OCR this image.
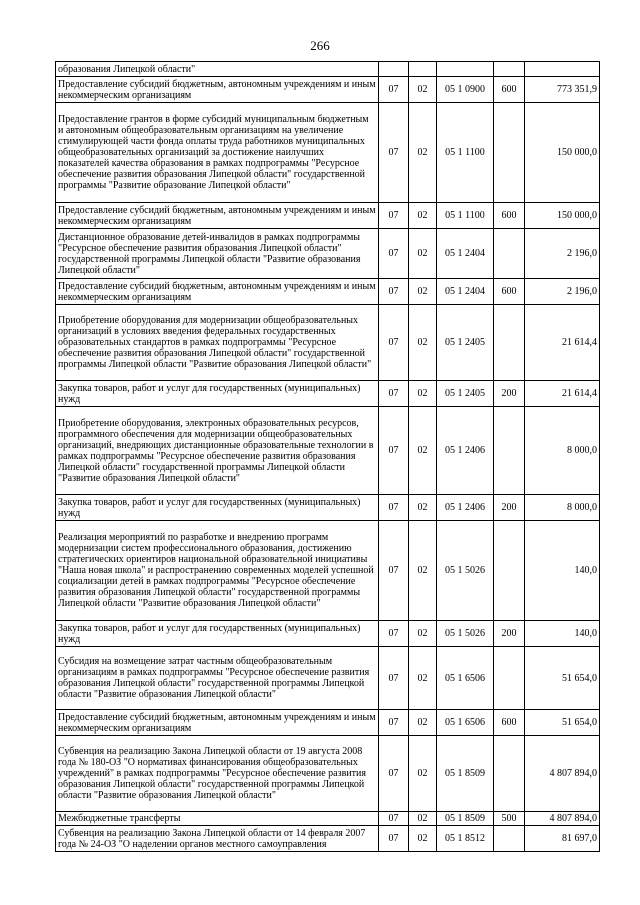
266
образования Липецкой области"					
Предоставление субсидий бюджетным, автономным учреждениям и иным некоммерческим организациям	07	02	05 1 0900	600	773 351,9
Предоставление грантов в форме субсидий муниципальным бюджетным и автономным общеобразовательным организациям на увеличение стимулирующей части фонда оплаты труда работников муниципальных общеобразовательных организаций за достижение наилучших показателей качества образования в рамках подпрограммы "Ресурсное обеспечение развития образования Липецкой области" государственной программы "Развитие образование Липецкой области"	07	02	05 1 1100		150 000,0
Предоставление субсидий бюджетным, автономным учреждениям и иным некоммерческим организациям	07	02	05 1 1100	600	150 000,0
Дистанционное образование детей-инвалидов в рамках подпрограммы "Ресурсное обеспечение развития образования Липецкой области" государственной программы Липецкой области "Развитие образования Липецкой области"	07	02	05 1 2404		2 196,0
Предоставление субсидий бюджетным, автономным учреждениям и иным некоммерческим организациям	07	02	05 1 2404	600	2 196,0
Приобретение оборудования для модернизации общеобразовательных организаций в условиях введения федеральных государственных образовательных стандартов в рамках подпрограммы "Ресурсное обеспечение развития образования Липецкой области" государственной программы Липецкой области "Развитие образования Липецкой области"	07	02	05 1 2405		21 614,4
Закупка товаров, работ и услуг для государственных (муниципальных) нужд	07	02	05 1 2405	200	21 614,4
Приобретение оборудования, электронных образовательных ресурсов, программного обеспечения для модернизации общеобразовательных организаций, внедряющих дистанционные образовательные технологии в рамках подпрограммы "Ресурсное обеспечение развития образования Липецкой области" государственной программы Липецкой области "Развитие образования Липецкой области"	07	02	05 1 2406		8 000,0
Закупка товаров, работ и услуг для государственных (муниципальных) нужд	07	02	05 1 2406	200	8 000,0
Реализация мероприятий по разработке и внедрению программ модернизации систем профессионального образования, достижению стратегических ориентиров национальной образовательной инициативы "Наша новая школа" и распространению современных моделей успешной социализации детей в рамках подпрограммы "Ресурсное обеспечение развития образования Липецкой области" государственной программы Липецкой области "Развитие образования Липецкой области"	07	02	05 1 5026		140,0
Закупка товаров, работ и услуг для государственных (муниципальных) нужд	07	02	05 1 5026	200	140,0
Субсидия на возмещение затрат частным общеобразовательным организациям в рамках подпрограммы "Ресурсное обеспечение развития образования Липецкой области" государственной программы Липецкой области "Развитие образования Липецкой области"	07	02	05 1 6506		51 654,0
Предоставление субсидий бюджетным, автономным учреждениям и иным некоммерческим организациям	07	02	05 1 6506	600	51 654,0
Субвенция на реализацию Закона Липецкой области от 19 августа 2008 года № 180-ОЗ "О нормативах финансирования общеобразовательных учреждений" в рамках подпрограммы "Ресурсное обеспечение развития образования Липецкой области" государственной программы Липецкой области "Развитие образования Липецкой области"	07	02	05 1 8509		4 807 894,0
Межбюджетные трансферты	07	02	05 1 8509	500	4 807 894,0
Субвенция на реализацию Закона Липецкой области от 14 февраля 2007 года № 24-ОЗ "О наделении органов местного самоуправления	07	02	05 1 8512		81 697,0
